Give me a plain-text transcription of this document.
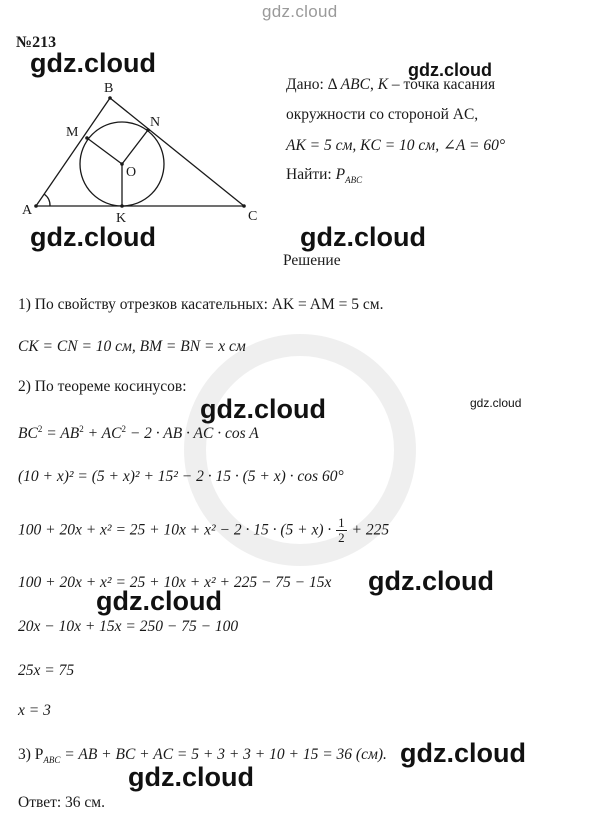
gdz.cloud
№213
A
B
C
M
N
K
O
Дано: Δ ABC, K – точка касания
окружности со стороной AC,
AK = 5 см, KC = 10 см, ∠A = 60°
Найти: $P_{ABC}$
Решение
1) По свойству отрезков касательных: AK = AM = 5 см.
CK = CN = 10 см, BM = BN = x см
2) По теореме косинусов:
$BC^2 = AB^2 + AC^2 - 2$ · AB · AC · cos A
(10 + x)² = (5 + x)² + 15² − 2 · 15 · (5 + x) · cos 60°
$100 + 20x + x^2 = 25 + 10x + x^2 - 2 \cdot 15 \cdot (5 + x) \cdot \frac{1}{2} + 225$
100 + 20x + x² = 25 + 10x + x² + 225 − 75 − 15x
20x − 10x + 15x = 250 − 75 − 100
25x = 75
x = 3
3) $P_{ABC}$ = AB + BC + AC = 5 + 3 + 3 + 10 + 15 = 36 (см).
Ответ: 36 см.
gdz.cloud	gdz.cloud
gdz.cloud	gdz.cloud
gdz.cloud	gdz.cloud
gdz.cloud
gdz.cloud
gdz.cloud
gdz.cloud
